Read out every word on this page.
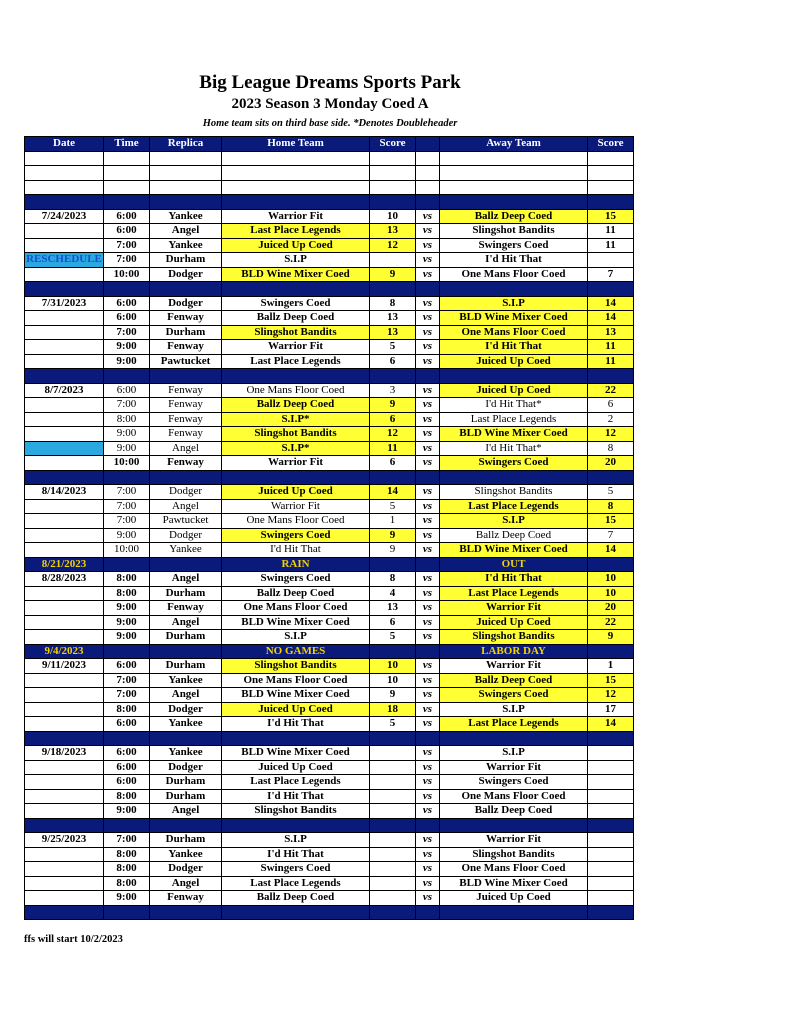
Big League Dreams Sports Park
2023 Season 3 Monday Coed A
Home team sits on third base side. *Denotes Doubleheader
Date	Time	Replica	Home Team	Score		Away Team	Score

7/24/2023	6:00	Yankee	Warrior Fit	10	vs	Ballz Deep Coed	15
	6:00	Angel	Last Place Legends	13	vs	Slingshot Bandits	11
	7:00	Yankee	Juiced Up Coed	12	vs	Swingers Coed	11
RESCHEDULE	7:00	Durham	S.I.P		vs	I'd Hit That	
	10:00	Dodger	BLD Wine Mixer Coed	9	vs	One Mans Floor Coed	7

7/31/2023	6:00	Dodger	Swingers Coed	8	vs	S.I.P	14
	6:00	Fenway	Ballz Deep Coed	13	vs	BLD Wine Mixer Coed	14
	7:00	Durham	Slingshot Bandits	13	vs	One Mans Floor Coed	13
	9:00	Fenway	Warrior Fit	5	vs	I'd Hit That	11
	9:00	Pawtucket	Last Place Legends	6	vs	Juiced Up Coed	11

8/7/2023	6:00	Fenway	One Mans Floor Coed	3	vs	Juiced Up Coed	22
	7:00	Fenway	Ballz Deep Coed	9	vs	I'd Hit That*	6
	8:00	Fenway	S.I.P*	6	vs	Last Place Legends	2
	9:00	Fenway	Slingshot Bandits	12	vs	BLD Wine Mixer Coed	12
	9:00	Angel	S.I.P*	11	vs	I'd Hit That*	8
	10:00	Fenway	Warrior Fit	6	vs	Swingers Coed	20

8/14/2023	7:00	Dodger	Juiced Up Coed	14	vs	Slingshot Bandits	5
	7:00	Angel	Warrior Fit	5	vs	Last Place Legends	8
	7:00	Pawtucket	One Mans Floor Coed	1	vs	S.I.P	15
	9:00	Dodger	Swingers Coed	9	vs	Ballz Deep Coed	7
	10:00	Yankee	I'd Hit That	9	vs	BLD Wine Mixer Coed	14
8/21/2023			RAIN			OUT	
8/28/2023	8:00	Angel	Swingers Coed	8	vs	I'd Hit That	10
	8:00	Durham	Ballz Deep Coed	4	vs	Last Place Legends	10
	9:00	Fenway	One Mans Floor Coed	13	vs	Warrior Fit	20
	9:00	Angel	BLD Wine Mixer Coed	6	vs	Juiced Up Coed	22
	9:00	Durham	S.I.P	5	vs	Slingshot Bandits	9
9/4/2023			NO GAMES			LABOR DAY	
9/11/2023	6:00	Durham	Slingshot Bandits	10	vs	Warrior Fit	1
	7:00	Yankee	One Mans Floor Coed	10	vs	Ballz Deep Coed	15
	7:00	Angel	BLD Wine Mixer Coed	9	vs	Swingers Coed	12
	8:00	Dodger	Juiced Up Coed	18	vs	S.I.P	17
	6:00	Yankee	I'd Hit That	5	vs	Last Place Legends	14

9/18/2023	6:00	Yankee	BLD Wine Mixer Coed		vs	S.I.P	
	6:00	Dodger	Juiced Up Coed		vs	Warrior Fit	
	6:00	Durham	Last Place Legends		vs	Swingers Coed	
	8:00	Durham	I'd Hit That		vs	One Mans Floor Coed	
	9:00	Angel	Slingshot Bandits		vs	Ballz Deep Coed	

9/25/2023	7:00	Durham	S.I.P		vs	Warrior Fit	
	8:00	Yankee	I'd Hit That		vs	Slingshot Bandits	
	8:00	Dodger	Swingers Coed		vs	One Mans Floor Coed	
	8:00	Angel	Last Place Legends		vs	BLD Wine Mixer Coed	
	9:00	Fenway	Ballz Deep Coed		vs	Juiced Up Coed	

ffs will start 10/2/2023
